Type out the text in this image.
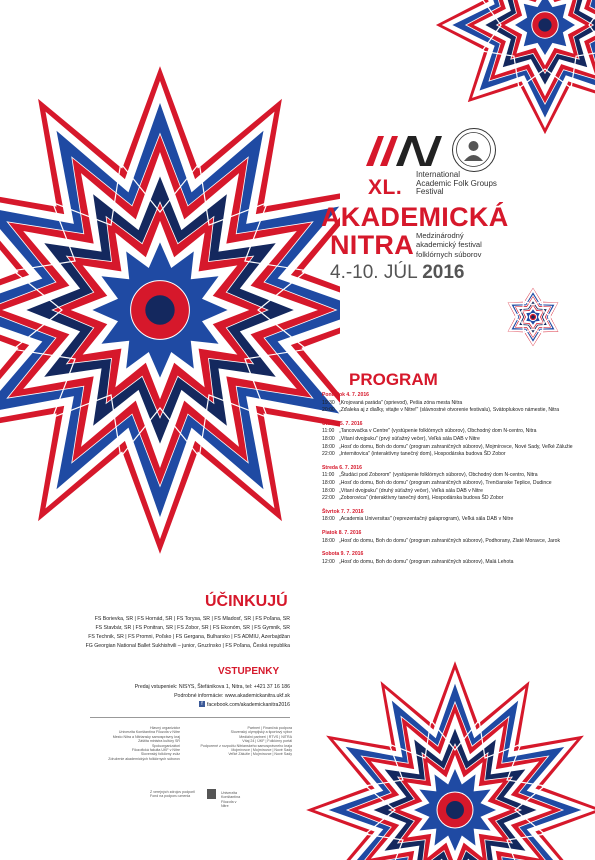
XL.
International
Academic Folk Groups
Festival
AKADEMICKÁ
NITRA Medzinárodný
akademický festival
folklórnych súborov
4.-10. JÚL 2016
PROGRAM
Pondelok 4. 7. 2016
19:30 „Krojovaná paráda" (sprievod), Pešia zóna mesta Nitra
20:00 „Zďaleka aj z diaľky, vitajte v Nitre!" (slávnostné otvorenie festivalu), Svätoplukovo námestie, Nitra
Utorok 5. 7. 2016
11:00 „Tancovačka v Centre" (vystúpenie folklórnych súborov), Obchodný dom N-centro, Nitra
18:00 „Vítaní dvojpuku" (prvý súťažný večer), Veľká sála DAB v Nitre
18:00 „Hosť do domu, Boh do domu" (program zahraničných súborov), Mojmírovce, Nové Sady, Veľké Zálužie
22:00 „Internitovica" (interaktívny tanečný dom), Hospodárska budova ŠD Zobor
Streda 6. 7. 2016
11:00 „Študáci pod Zoborom" (vystúpenie folklórnych súborov), Obchodný dom N-centro, Nitra
18:00 „Hosť do domu, Boh do domu" (program zahraničných súborov), Trenčianske Teplice, Dudince
18:00 „Vítaní dvojpuku" (druhý súťažný večer), Veľká sála DAB v Nitre
22:00 „Zoborovica" (interaktívny tanečný dom), Hospodárska budova ŠD Zobor
Štvrtok 7. 7. 2016
18:00 „Academia Universitas" (reprezentačný galaprogram), Veľká sála DAB v Nitre
Piatok 8. 7. 2016
18:00 „Hosť do domu, Boh do domu" (program zahraničných súborov), Podhorany, Zlaté Moravce, Jarok
Sobota 9. 7. 2016
12:00 „Hosť do domu, Boh do domu" (program zahraničných súborov), Malá Lehota
ÚČINKUJÚ
FS Borievka, SR | FS Hornád, SR | FS Torysa, SR | FS Mladosť, SR | FS Poľana, SR
FS Stavbár, SR | FS Ponitran, SR | FS Zobor, SR | FS Ekonóm, SR | FS Gymnik, SR
FS Technik, SR | FS Promni, Poľsko | FS Gergana, Bulharsko | FS ADMIU, Azerbajdžan
FG Georgian National Ballet Sukhishvili – junior, Gruzínsko | FS Poľana, Česká republika
VSTUPENKY
Predaj vstupeniek: NISYS, Štefánikova 1, Nitra, tel: +421 37 16 186
Podrobné informácie: www.akademickanitra.ukf.sk
f facebook.com/akademickanitra2016
Hlavný organizátor
Univerzita Konštantína Filozofa v Nitre
Mesto Nitra a Nitriansky samosprávny kraj
Záštita ministra kultúry SR
Spoluorganizátori
Filozofická fakulta UKF v Nitre
Slovenský folklórny zväz
Združenie akademických folklórnych súborov
Partneri | Finančná podpora
Slovenský olympijský a športový výbor
Mediálni partneri | RTVS | NITRA
Vítaj 24 | ÚKF | Folklórny portál
Podporené z rozpočtu Nitrianskeho samosprávneho kraja
Mojmírovce | Mojmírovce | Nové Sady
Veľké Zálužie | Mojmírovce | Nové Sady
Z verejných zdrojov podporil
Fond na podporu umenia
Univerzita
Konštantína
Filozofa v Nitre
